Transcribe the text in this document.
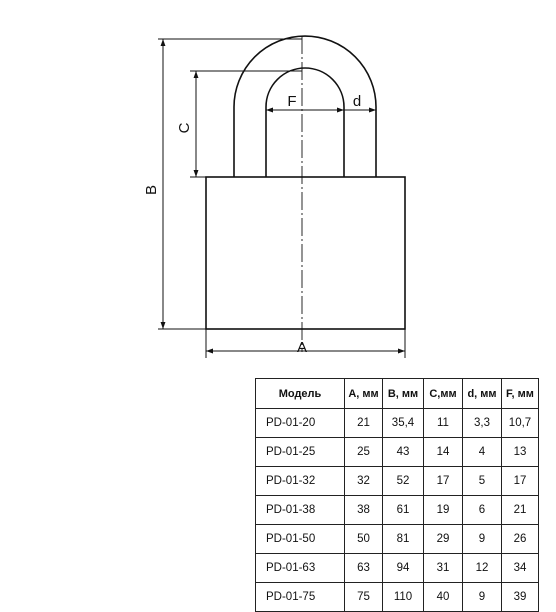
B
C
F	d
A
Модель	А, мм	В, мм	С,мм	d, мм	F, мм
PD-01-20	21	35,4	11	3,3	10,7
PD-01-25	25	43	14	4	13
PD-01-32	32	52	17	5	17
PD-01-38	38	61	19	6	21
PD-01-50	50	81	29	9	26
PD-01-63	63	94	31	12	34
PD-01-75	75	110	40	9	39
